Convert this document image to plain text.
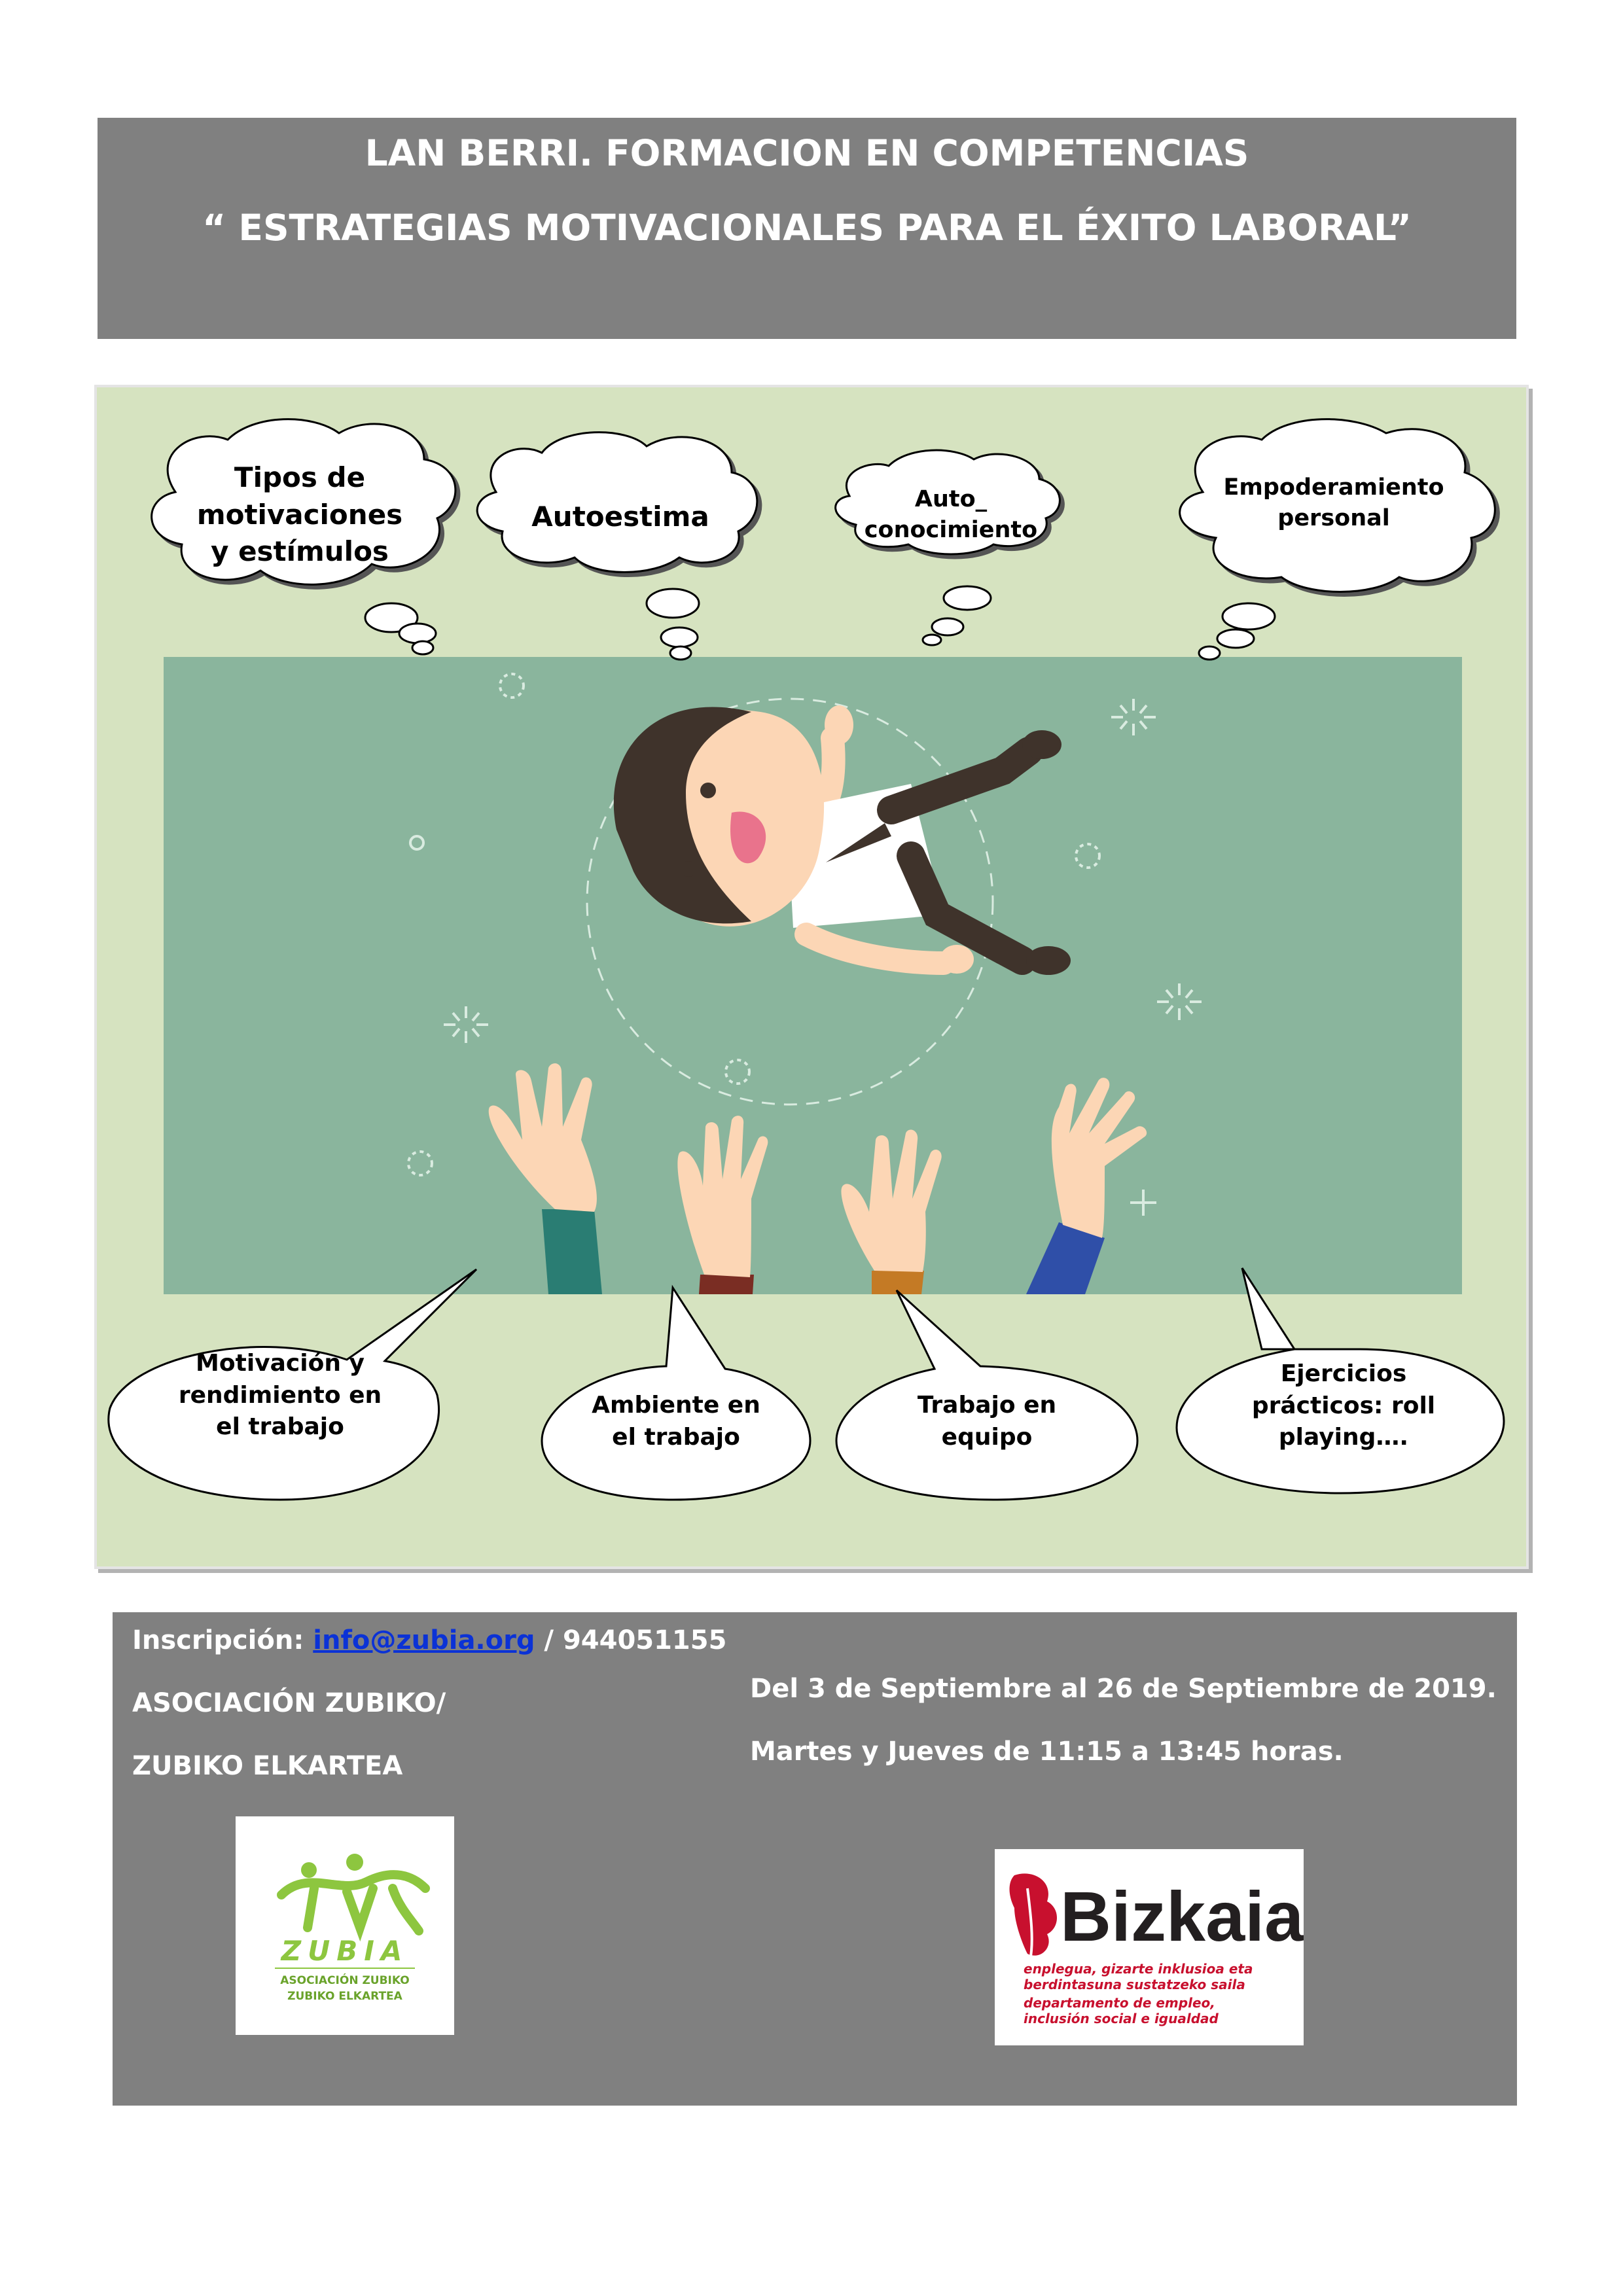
LAN BERRI. FORMACION EN COMPETENCIAS
“ ESTRATEGIAS MOTIVACIONALES PARA EL ÉXITO LABORAL”
Tipos de
motivaciones
y estímulos
Autoestima
Auto_
conocimiento
Empoderamiento
personal
Motivación y
rendimiento en
el trabajo
Ambiente en
el trabajo
Trabajo en
equipo
Ejercicios
prácticos: roll
playing….
Inscripción: info@zubia.org / 944051155
ASOCIACIÓN ZUBIKO/
ZUBIKO ELKARTEA
Del 3 de Septiembre al 26 de Septiembre de 2019.
Martes y Jueves de 11:15 a 13:45 horas.
ZUBIA
ASOCIACIÓN ZUBIKO
ZUBIKO ELKARTEA
Bizkaia
enplegua, gizarte inklusioa eta
berdintasuna sustatzeko saila
departamento de empleo,
inclusión social e igualdad
